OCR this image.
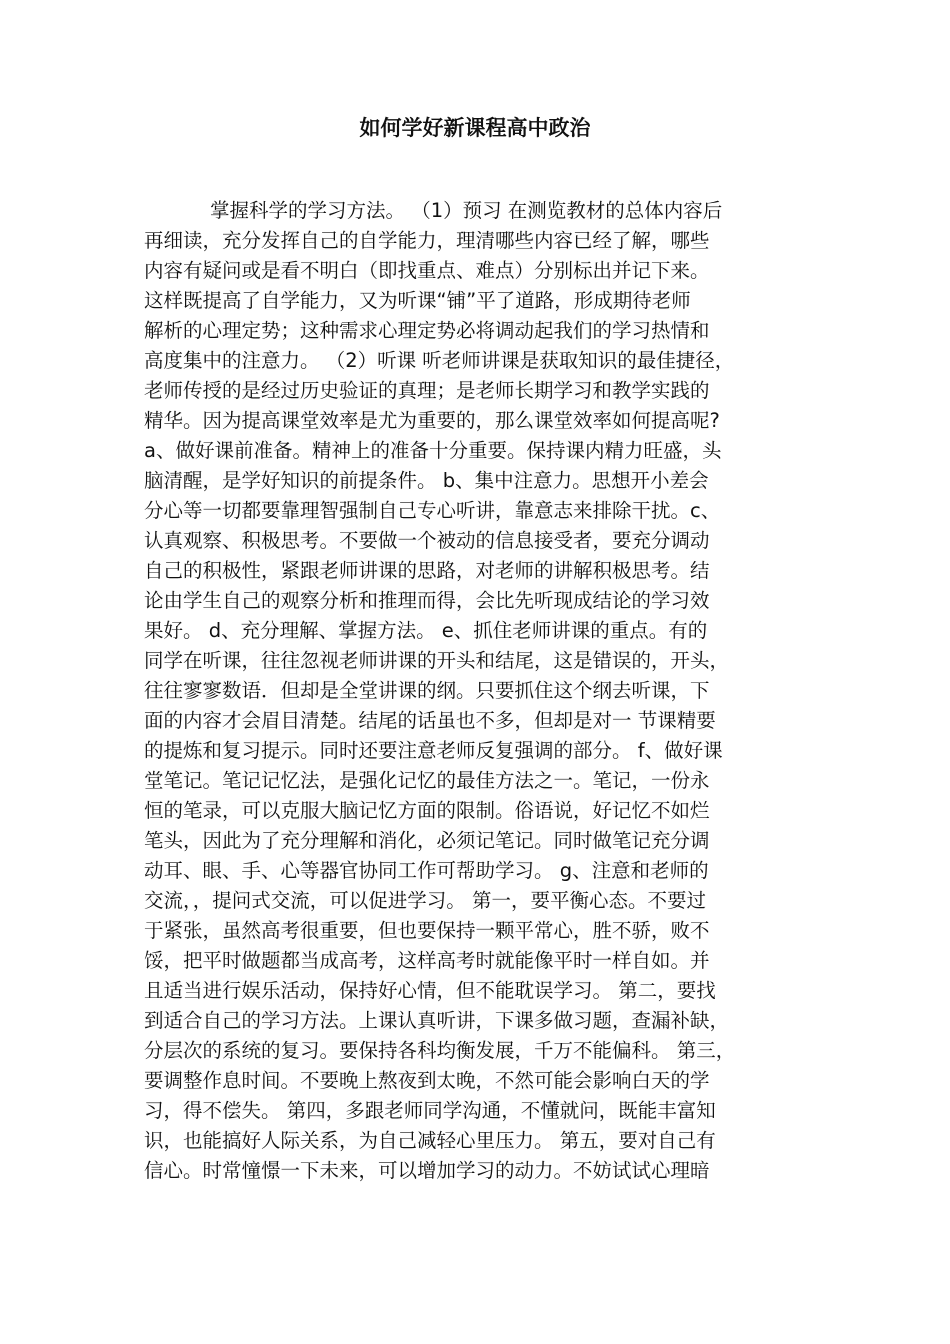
如何学好新课程高中政治
掌握科学的学习方法。 （1）预习 在测览教材的总体内容后
再细读，充分发挥自己的自学能力，理清哪些内容已经了解，哪些
内容有疑问或是看不明白（即找重点、难点）分别标出并记下来。
这样既提高了自学能力，又为听课“铺”平了道路，形成期待老师
解析的心理定势；这种需求心理定势必将调动起我们的学习热情和
高度集中的注意力。 （2）听课 听老师讲课是获取知识的最佳捷径，
老师传授的是经过历史验证的真理；是老师长期学习和教学实践的
精华。因为提高课堂效率是尤为重要的，那么课堂效率如何提高呢?
a、做好课前准备。精神上的准备十分重要。保持课内精力旺盛，头
脑清醒，是学好知识的前提条件。 b、集中注意力。思想开小差会
分心等一切都要靠理智强制自己专心听讲，靠意志来排除干扰。c、
认真观察、积极思考。不要做一个被动的信息接受者，要充分调动
自己的积极性，紧跟老师讲课的思路，对老师的讲解积极思考。结
论由学生自己的观察分析和推理而得，会比先听现成结论的学习效
果好。 d、充分理解、掌握方法。 e、抓住老师讲课的重点。有的
同学在听课，往往忽视老师讲课的开头和结尾，这是错误的，开头，
往往寥寥数语．但却是全堂讲课的纲。只要抓住这个纲去听课，下
面的内容才会眉目清楚。结尾的话虽也不多，但却是对一 节课精要
的提炼和复习提示。同时还要注意老师反复强调的部分。 f、做好课
堂笔记。笔记记忆法，是强化记忆的最佳方法之一。笔记，一份永
恒的笔录，可以克服大脑记忆方面的限制。俗语说，好记忆不如烂
笔头，因此为了充分理解和消化，必须记笔记。同时做笔记充分调
动耳、眼、手、心等器官协同工作可帮助学习。 g、注意和老师的
交流，，提问式交流，可以促进学习。 第一，要平衡心态。不要过
于紧张，虽然高考很重要，但也要保持一颗平常心，胜不骄，败不
馁，把平时做题都当成高考，这样高考时就能像平时一样自如。并
且适当进行娱乐活动，保持好心情，但不能耽误学习。 第二，要找
到适合自己的学习方法。上课认真听讲，下课多做习题，查漏补缺，
分层次的系统的复习。要保持各科均衡发展，千万不能偏科。 第三，
要调整作息时间。不要晚上熬夜到太晚，不然可能会影响白天的学
习，得不偿失。 第四，多跟老师同学沟通，不懂就问，既能丰富知
识，也能搞好人际关系，为自己减轻心里压力。 第五，要对自己有
信心。时常憧憬一下未来，可以增加学习的动力。不妨试试心理暗
